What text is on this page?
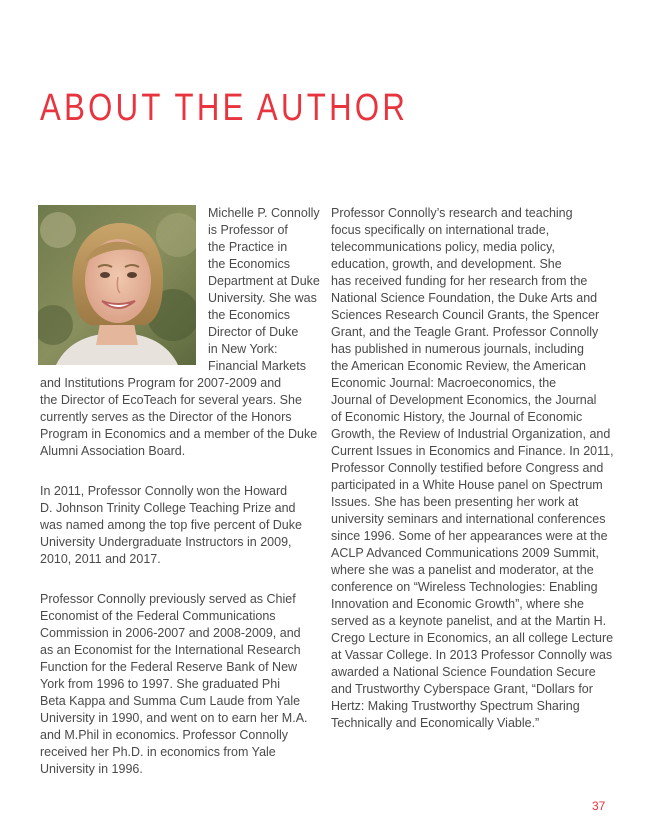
ABOUT THE AUTHOR
Michelle P. Connolly
is Professor of
the Practice in
the Economics
Department at Duke
University. She was
the Economics
Director of Duke
in New York:
Financial Markets
and Institutions Program for 2007-2009 and
the Director of EcoTeach for several years. She
currently serves as the Director of the Honors
Program in Economics and a member of the Duke
Alumni Association Board.
In 2011, Professor Connolly won the Howard
D. Johnson Trinity College Teaching Prize and
was named among the top five percent of Duke
University Undergraduate Instructors in 2009,
2010, 2011 and 2017.
Professor Connolly previously served as Chief
Economist of the Federal Communications
Commission in 2006-2007 and 2008-2009, and
as an Economist for the International Research
Function for the Federal Reserve Bank of New
York from 1996 to 1997. She graduated Phi
Beta Kappa and Summa Cum Laude from Yale
University in 1990, and went on to earn her M.A.
and M.Phil in economics. Professor Connolly
received her Ph.D. in economics from Yale
University in 1996.
Professor Connolly’s research and teaching
focus specifically on international trade,
telecommunications policy, media policy,
education, growth, and development. She
has received funding for her research from the
National Science Foundation, the Duke Arts and
Sciences Research Council Grants, the Spencer
Grant, and the Teagle Grant. Professor Connolly
has published in numerous journals, including
the American Economic Review, the American
Economic Journal: Macroeconomics, the
Journal of Development Economics, the Journal
of Economic History, the Journal of Economic
Growth, the Review of Industrial Organization, and
Current Issues in Economics and Finance. In 2011,
Professor Connolly testified before Congress and
participated in a White House panel on Spectrum
Issues. She has been presenting her work at
university seminars and international conferences
since 1996. Some of her appearances were at the
ACLP Advanced Communications 2009 Summit,
where she was a panelist and moderator, at the
conference on “Wireless Technologies: Enabling
Innovation and Economic Growth”, where she
served as a keynote panelist, and at the Martin H.
Crego Lecture in Economics, an all college Lecture
at Vassar College. In 2013 Professor Connolly was
awarded a National Science Foundation Secure
and Trustworthy Cyberspace Grant, “Dollars for
Hertz: Making Trustworthy Spectrum Sharing
Technically and Economically Viable.”
37
